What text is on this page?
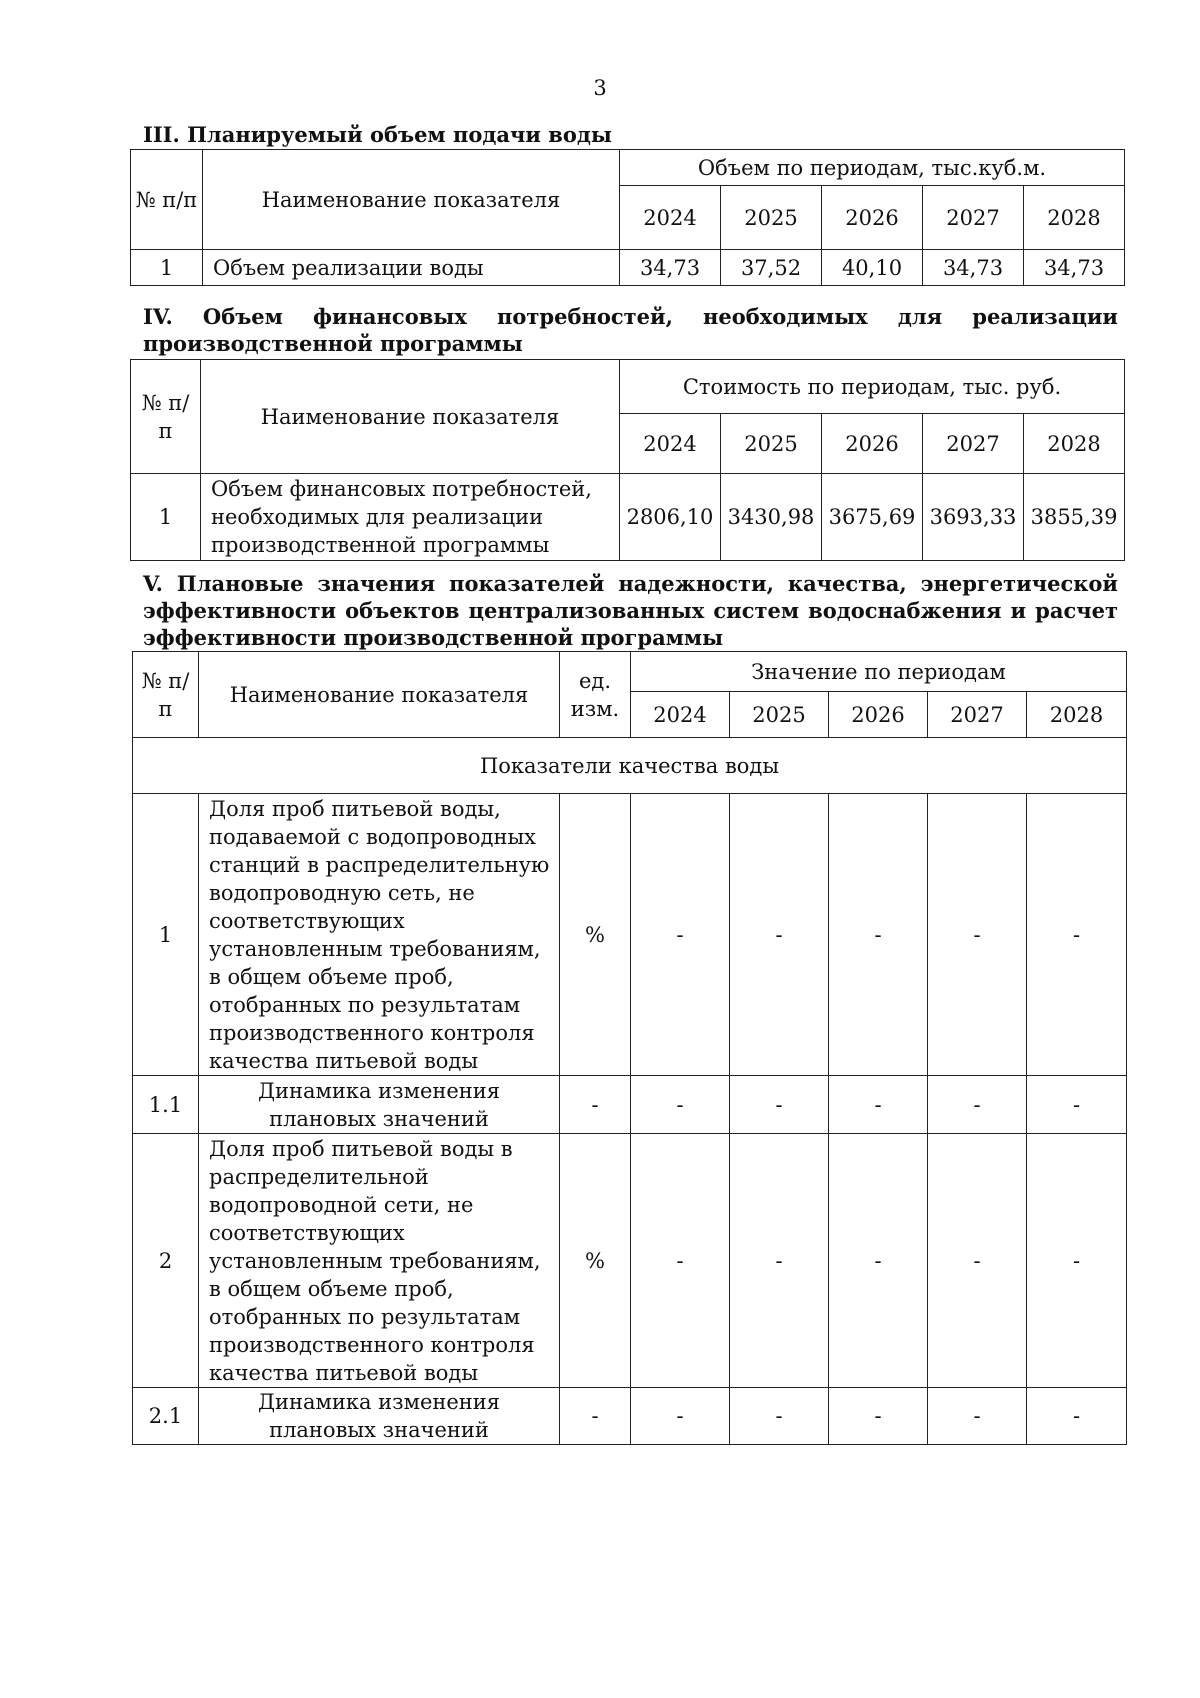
3
III. Планируемый объем подачи воды
№ п/п	Наименование показателя	Объем по периодам, тыс.куб.м.				
		2024	2025	2026	2027	2028
1	Объем реализации воды	34,73	37,52	40,10	34,73	34,73
IV. Объем финансовых потребностей, необходимых для реализации производственной программы
№ п/п	Наименование показателя	Стоимость по периодам, тыс. руб.				
		2024	2025	2026	2027	2028
1	Объем финансовых потребностей, необходимых для реализации производственной программы	2806,10	3430,98	3675,69	3693,33	3855,39
V. Плановые значения показателей надежности, качества, энергетической эффективности объектов централизованных систем водоснабжения и расчет эффективности производственной программы
№ п/п	Наименование показателя	ед. изм.	Значение по периодам				
			2024	2025	2026	2027	2028
Показатели качества воды							
1	Доля проб питьевой воды, подаваемой с водопроводных станций в распределительную водопроводную сеть, не соответствующих установленным требованиям, в общем объеме проб, отобранных по результатам производственного контроля качества питьевой воды	%	-	-	-	-	-
1.1	Динамика изменения плановых значений	-	-	-	-	-	-
2	Доля проб питьевой воды в распределительной водопроводной сети, не соответствующих установленным требованиям, в общем объеме проб, отобранных по результатам производственного контроля качества питьевой воды	%	-	-	-	-	-
2.1	Динамика изменения плановых значений	-	-	-	-	-	-
